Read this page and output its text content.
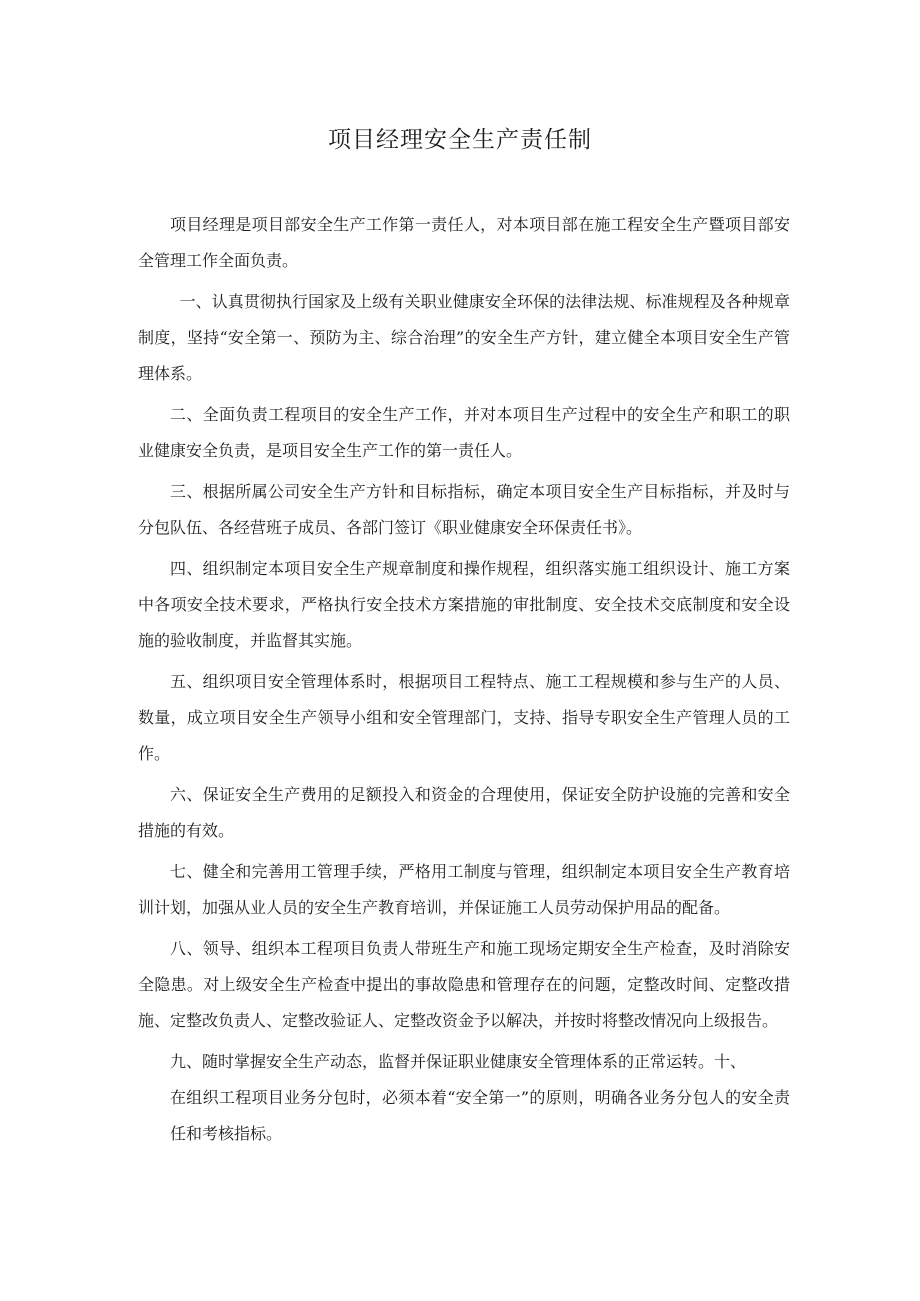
项目经理安全生产责任制

项目经理是项目部安全生产工作第一责任人，对本项目部在施工程安全生产暨项目部安全管理工作全面负责。

一、认真贯彻执行国家及上级有关职业健康安全环保的法律法规、标准规程及各种规章制度，坚持“安全第一、预防为主、综合治理”的安全生产方针，建立健全本项目安全生产管理体系。

二、全面负责工程项目的安全生产工作，并对本项目生产过程中的安全生产和职工的职业健康安全负责，是项目安全生产工作的第一责任人。

三、根据所属公司安全生产方针和目标指标，确定本项目安全生产目标指标，并及时与分包队伍、各经营班子成员、各部门签订《职业健康安全环保责任书》。

四、组织制定本项目安全生产规章制度和操作规程，组织落实施工组织设计、施工方案中各项安全技术要求，严格执行安全技术方案措施的审批制度、安全技术交底制度和安全设施的验收制度，并监督其实施。

五、组织项目安全管理体系时，根据项目工程特点、施工工程规模和参与生产的人员、数量，成立项目安全生产领导小组和安全管理部门，支持、指导专职安全生产管理人员的工作。

六、保证安全生产费用的足额投入和资金的合理使用，保证安全防护设施的完善和安全措施的有效。

七、健全和完善用工管理手续，严格用工制度与管理，组织制定本项目安全生产教育培训计划，加强从业人员的安全生产教育培训，并保证施工人员劳动保护用品的配备。

八、领导、组织本工程项目负责人带班生产和施工现场定期安全生产检查，及时消除安全隐患。对上级安全生产检查中提出的事故隐患和管理存在的问题，定整改时间、定整改措施、定整改负责人、定整改验证人、定整改资金予以解决，并按时将整改情况向上级报告。

九、随时掌握安全生产动态，监督并保证职业健康安全管理体系的正常运转。十、
在组织工程项目业务分包时，必须本着“安全第一”的原则，明确各业务分包人的安全责任和考核指标。
